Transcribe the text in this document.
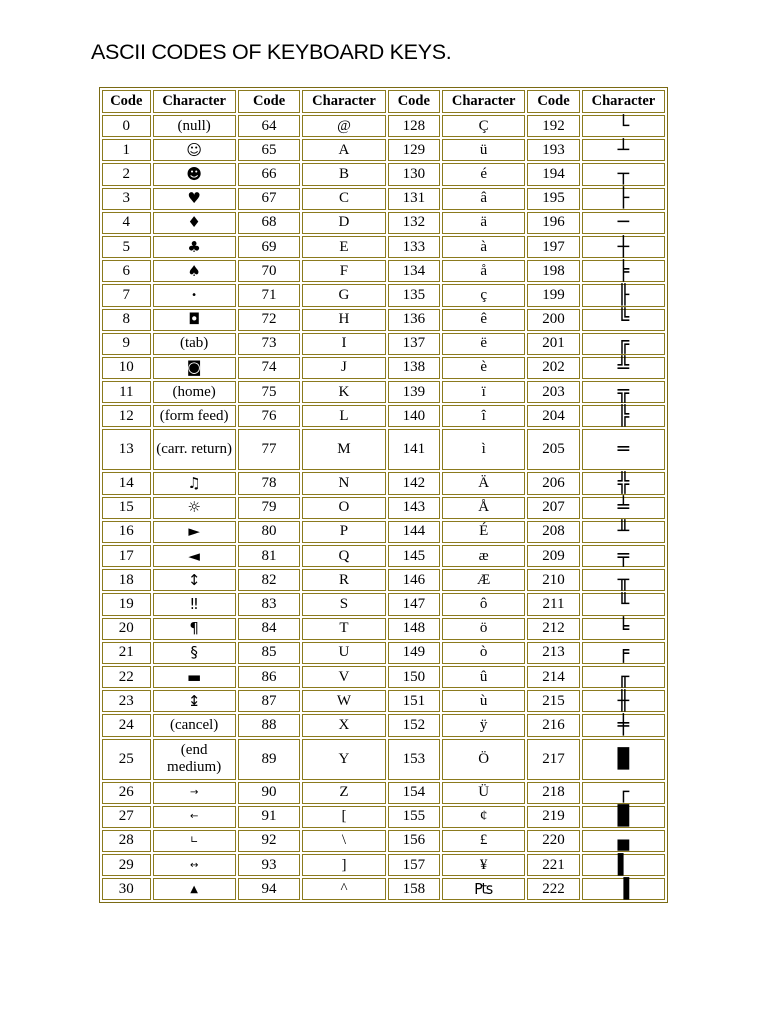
ASCII CODES OF KEYBOARD KEYS.
Code	Character	Code	Character	Code	Character	Code	Character
0	(null)	64	@	128	Ç	192	└
1	☺	65	A	129	ü	193	┴
2	☻	66	B	130	é	194	┬
3	♥	67	C	131	â	195	├
4	♦	68	D	132	ä	196	─
5	♣	69	E	133	à	197	┼
6	♠	70	F	134	å	198	╞
7	•	71	G	135	ç	199	╟
8	◘	72	H	136	ê	200	╚
9	(tab)	73	I	137	ë	201	╔
10	◙	74	J	138	è	202	╩
11	(home)	75	K	139	ï	203	╦
12	(form feed)	76	L	140	î	204	╠
13	(carr. return)	77	M	141	ì	205	═
14	♫	78	N	142	Ä	206	╬
15	☼	79	O	143	Å	207	╧
16	►	80	P	144	É	208	╨
17	◄	81	Q	145	æ	209	╤
18	↕	82	R	146	Æ	210	╥
19	‼	83	S	147	ô	211	╙
20	¶	84	T	148	ö	212	╘
21	§	85	U	149	ò	213	╒
22	▬	86	V	150	û	214	╓
23	↨	87	W	151	ù	215	╫
24	(cancel)	88	X	152	ÿ	216	╪
25	(end medium)	89	Y	153	Ö	217	█
26	→	90	Z	154	Ü	218	┌
27	←	91	[	155	¢	219	█
28	∟	92	\	156	£	220	▄
29	↔	93	]	157	¥	221	▌
30	▲	94	^	158	₧	222	▐
